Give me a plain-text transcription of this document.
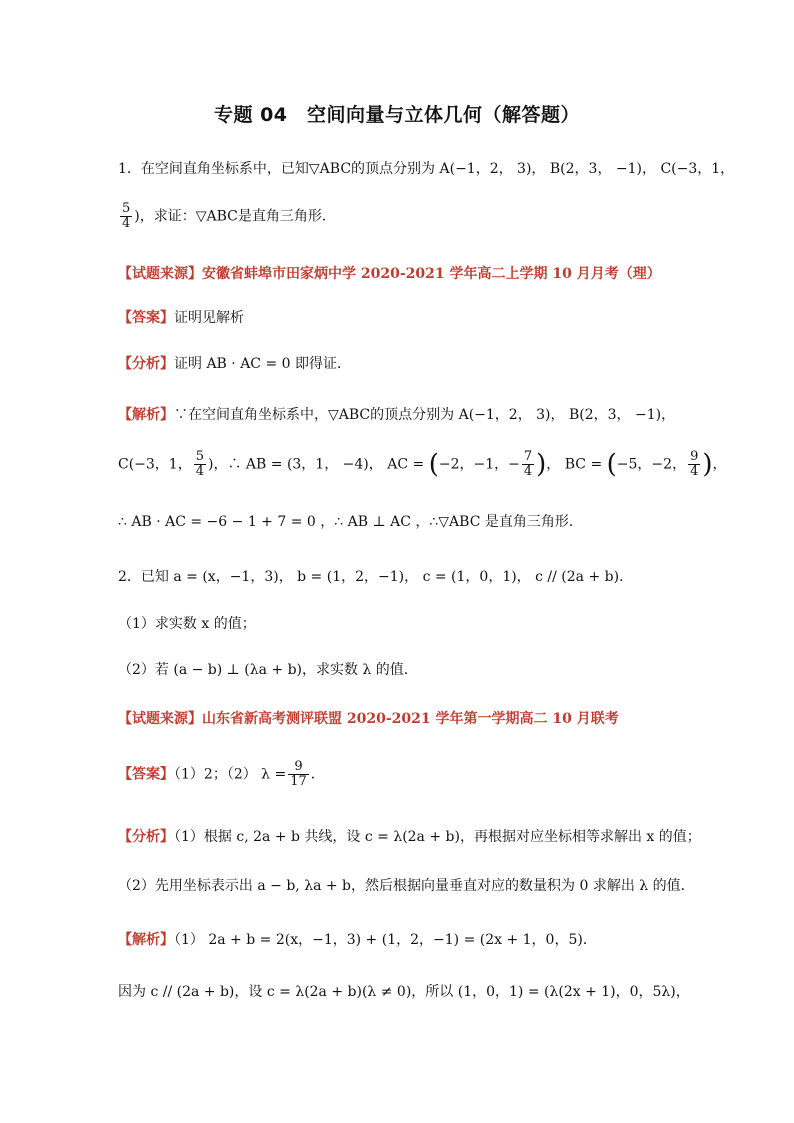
专题 04　空间向量与立体几何（解答题）
1．在空间直角坐标系中，已知▽ABC的顶点分别为 A(−1，2， 3)， B(2，3， −1)， C(−3，1，
$\frac{5}{4}$ )，求证：▽ABC是直角三角形．
【试题来源】安徽省蚌埠市田家炳中学 2020-2021 学年高二上学期 10 月月考（理）
【答案】证明见解析
【分析】证明 AB · AC = 0 即得证．
【解析】∵在空间直角坐标系中，▽ABC的顶点分别为 A(−1，2， 3)， B(2，3， −1)，
C(−3，1， $\frac{5}{4}$ )，∴ AB = (3，1， −4)， AC = (−2，−1，− $\frac{7}{4}$ )， BC = (−5，−2， $\frac{9}{4}$ )，
∴ AB · AC = −6 − 1 + 7 = 0 ，∴ AB ⊥ AC ，∴▽ABC 是直角三角形．
2．已知 a = (x，−1，3)， b = (1，2，−1)， c = (1，0，1)， c // (2a + b)．
（1）求实数 x 的值；
（2）若 (a − b) ⊥ (λa + b)，求实数 λ 的值．
【试题来源】山东省新高考测评联盟 2020-2021 学年第一学期高二 10 月联考
【答案】（1）2；（2） $\lambda = \frac{9}{17}$ ．
【分析】（1）根据 c, 2a + b 共线，设 c = λ(2a + b)，再根据对应坐标相等求解出 x 的值；
（2）先用坐标表示出 a − b, λa + b，然后根据向量垂直对应的数量积为 0 求解出 λ 的值．
【解析】（1） 2a + b = 2(x，−1，3) + (1，2，−1) = (2x + 1，0，5)．
因为 c // (2a + b)，设 c = λ(2a + b)(λ ≠ 0)，所以 (1，0，1) = (λ(2x + 1)，0，5λ)，
